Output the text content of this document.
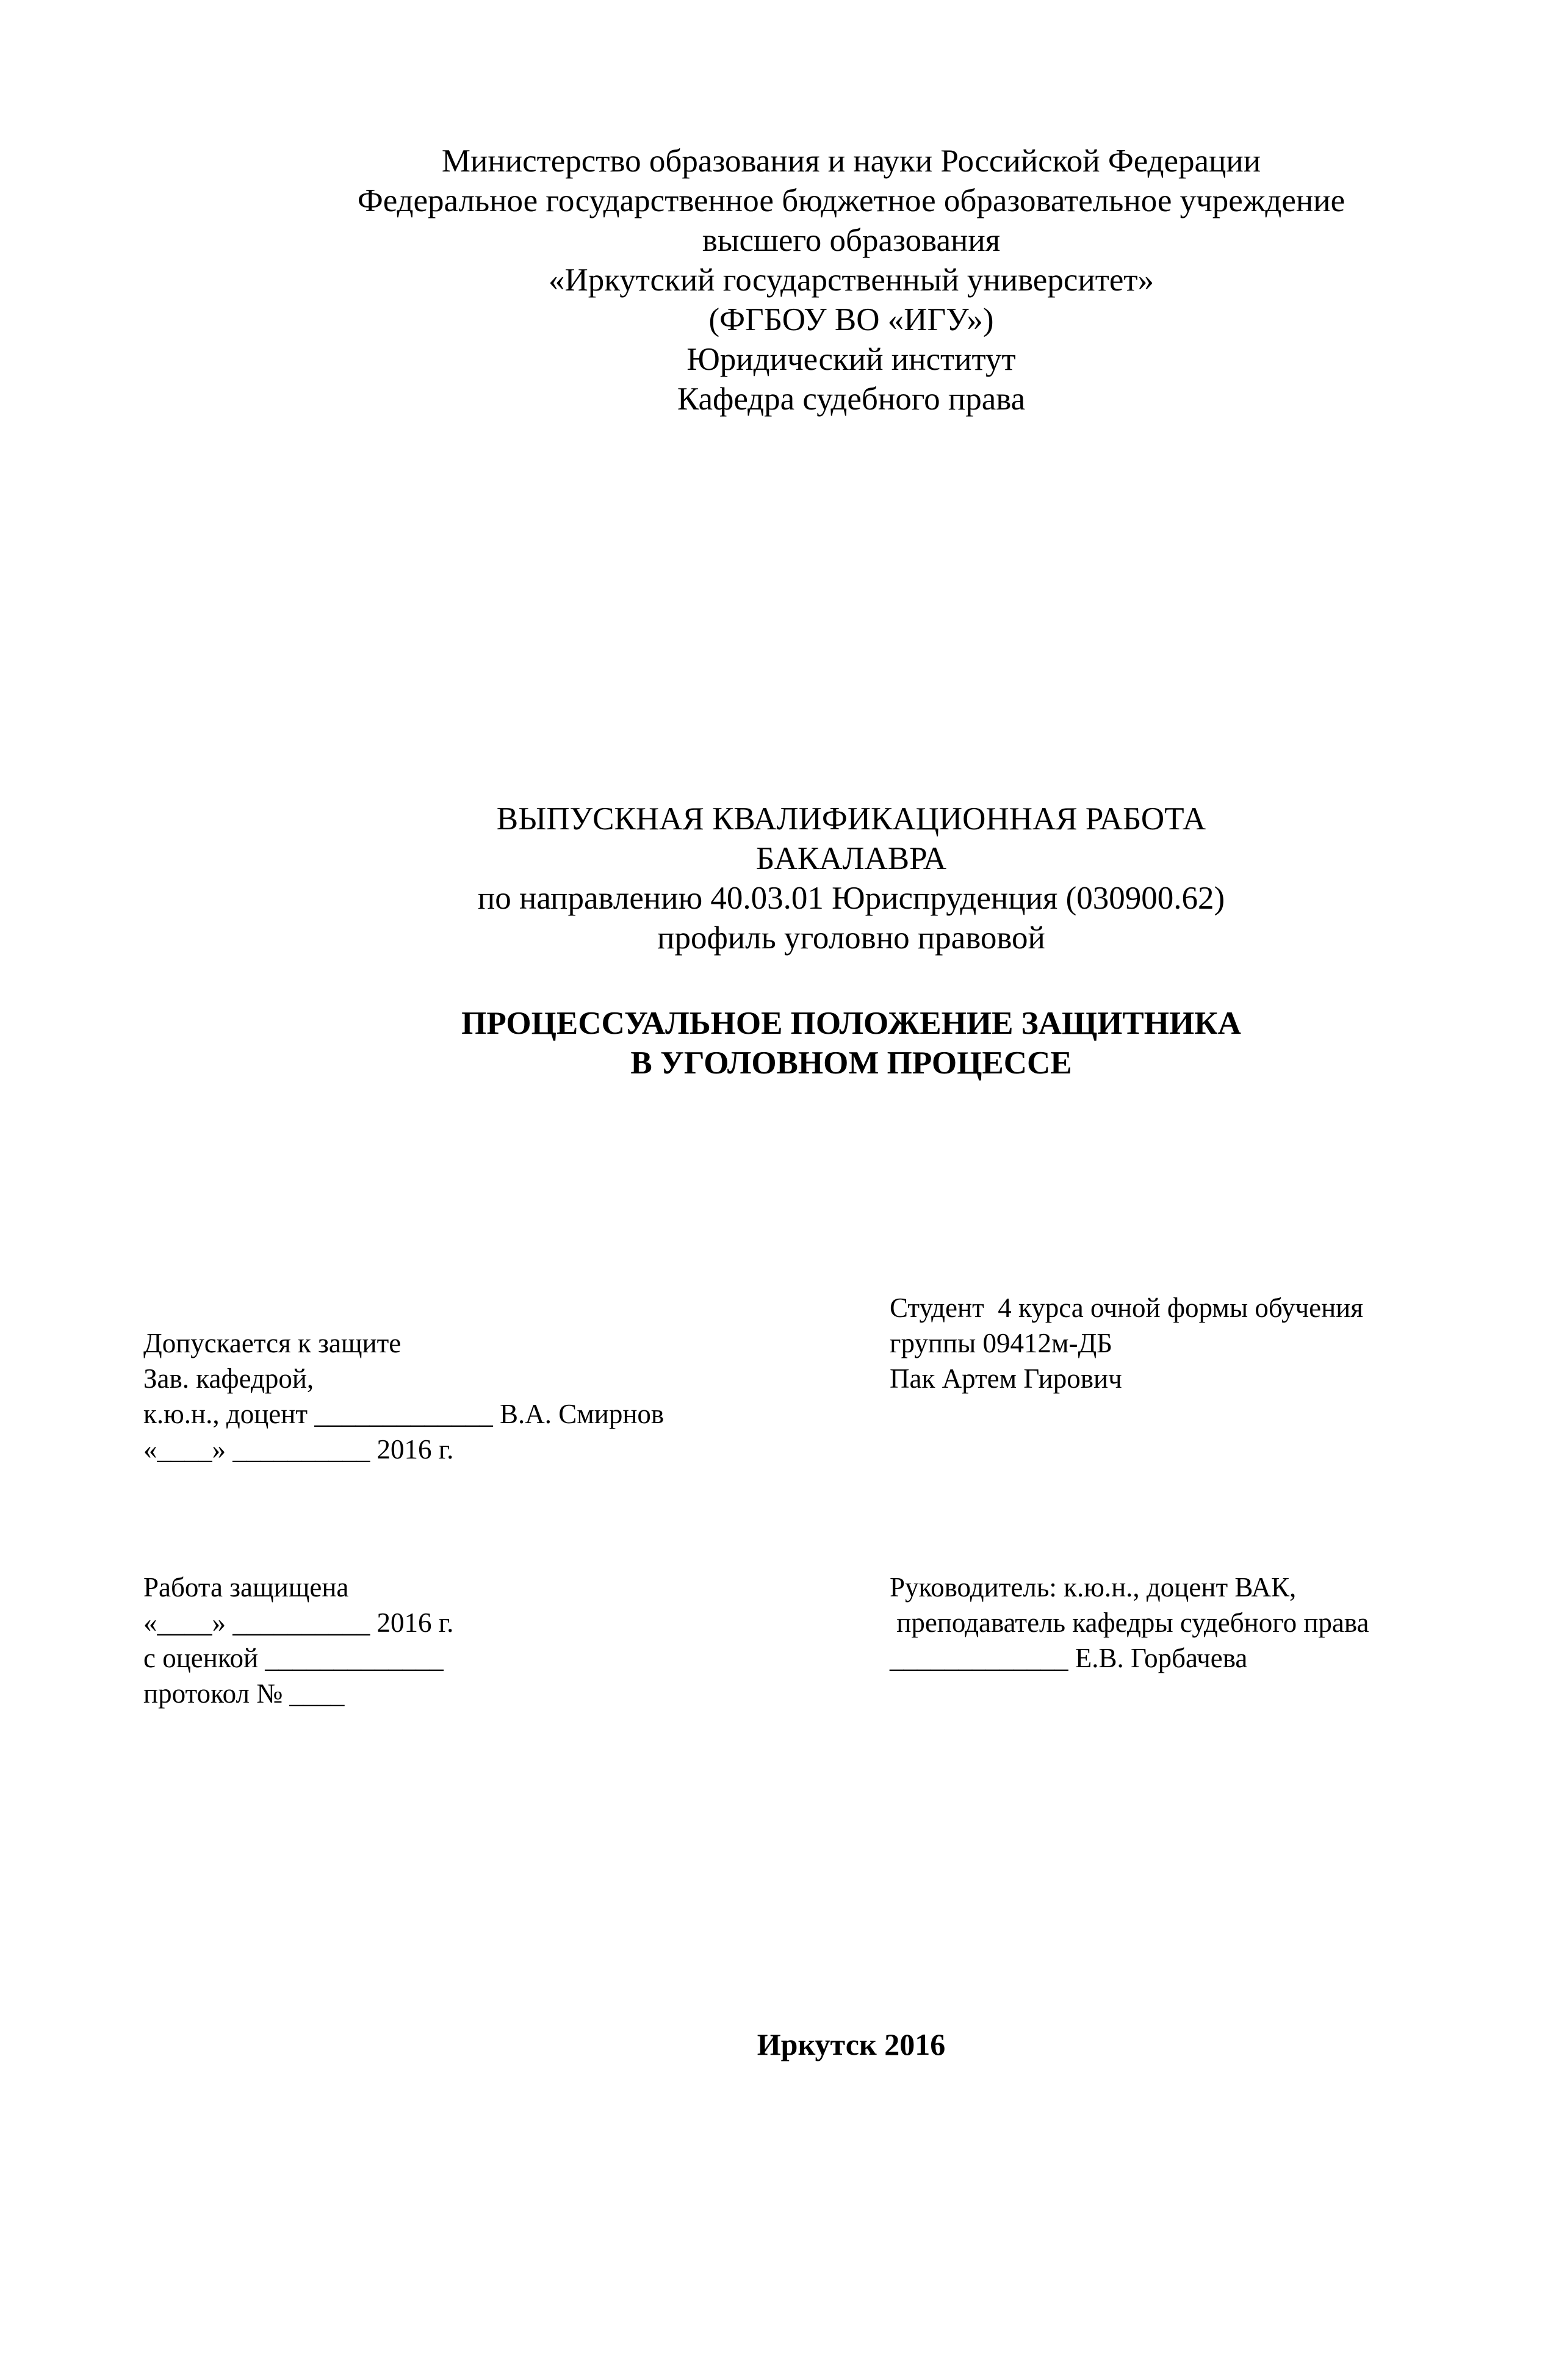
Министерство образования и науки Российской Федерации
Федеральное государственное бюджетное образовательное учреждение
высшего образования
«Иркутский государственный университет»
(ФГБОУ ВО «ИГУ»)
Юридический институт
Кафедра судебного права
ВЫПУСКНАЯ КВАЛИФИКАЦИОННАЯ РАБОТА
БАКАЛАВРА
по направлению 40.03.01 Юриспруденция (030900.62)
профиль уголовно правовой
ПРОЦЕССУАЛЬНОЕ ПОЛОЖЕНИЕ ЗАЩИТНИКА
В УГОЛОВНОМ ПРОЦЕССЕ
Студент  4 курса очной формы обучения
группы 09412м-ДБ
Пак Артем Гирович
Допускается к защите
Зав. кафедрой,
к.ю.н., доцент _____________ В.А. Смирнов
«____» __________ 2016 г.
Работа защищена
«____» __________ 2016 г.
с оценкой _____________
протокол № ____
Руководитель: к.ю.н., доцент ВАК,
преподаватель кафедры судебного права
_____________ Е.В. Горбачева
Иркутск 2016
